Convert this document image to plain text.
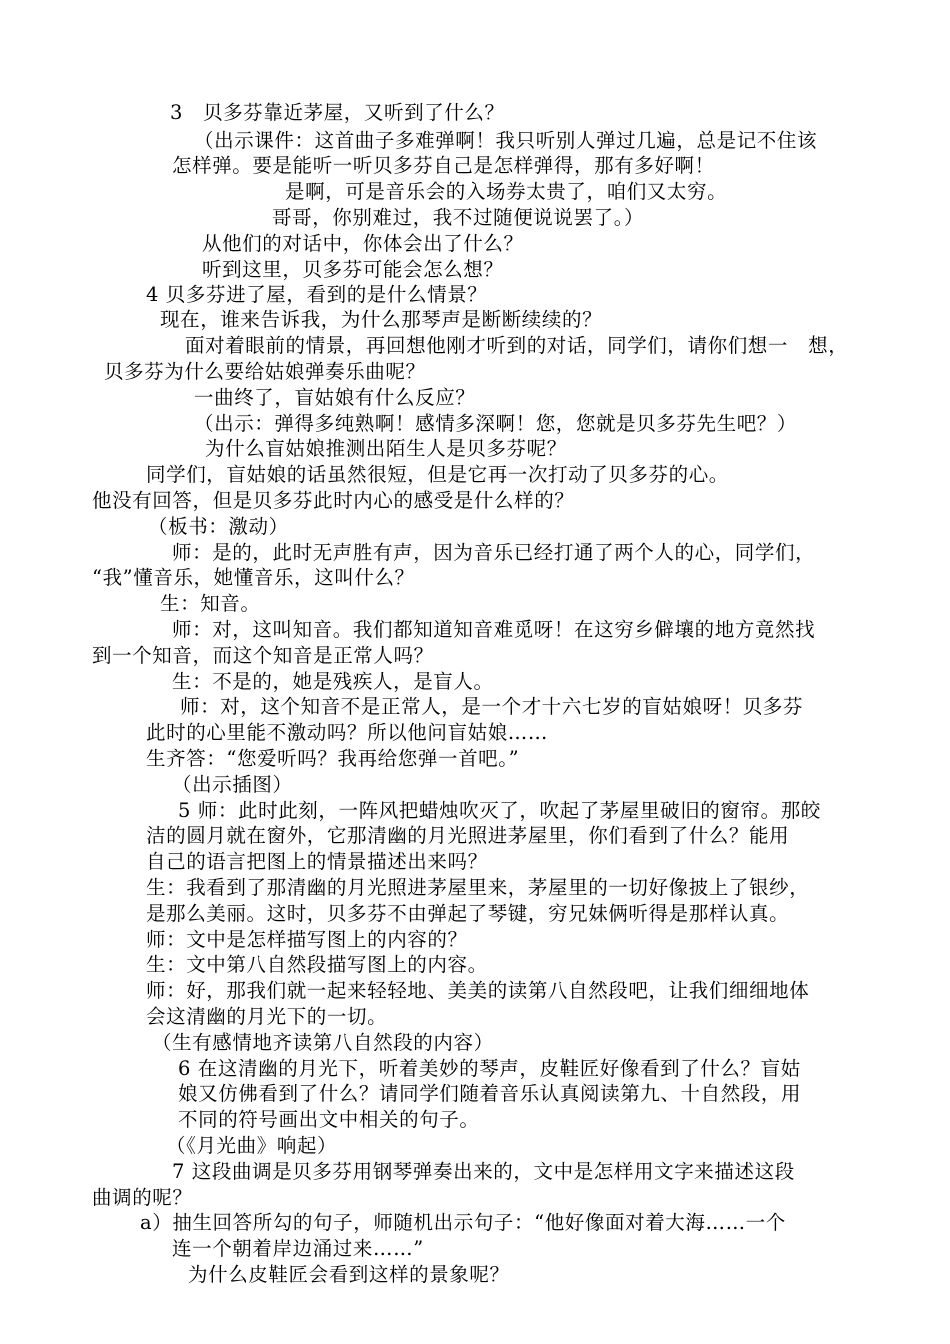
3　贝多芬靠近茅屋，又听到了什么？
（出示课件：这首曲子多难弹啊！我只听别人弹过几遍，总是记不住该
怎样弹。要是能听一听贝多芬自己是怎样弹得，那有多好啊！
是啊，可是音乐会的入场券太贵了，咱们又太穷。
哥哥，你别难过，我不过随便说说罢了。）
从他们的对话中，你体会出了什么？
听到这里，贝多芬可能会怎么想？
4 贝多芬进了屋，看到的是什么情景？
现在，谁来告诉我，为什么那琴声是断断续续的？
面对着眼前的情景，再回想他刚才听到的对话，同学们，请你们想一　想，
贝多芬为什么要给姑娘弹奏乐曲呢？
一曲终了，盲姑娘有什么反应？
（出示：弹得多纯熟啊！感情多深啊！您，您就是贝多芬先生吧？）
为什么盲姑娘推测出陌生人是贝多芬呢？
同学们，盲姑娘的话虽然很短，但是它再一次打动了贝多芬的心。
他没有回答，但是贝多芬此时内心的感受是什么样的？
（板书：激动）
师：是的，此时无声胜有声，因为音乐已经打通了两个人的心，同学们，
“我”懂音乐，她懂音乐，这叫什么？
生：知音。
师：对，这叫知音。我们都知道知音难觅呀！在这穷乡僻壤的地方竟然找
到一个知音，而这个知音是正常人吗？
生：不是的，她是残疾人，是盲人。
师：对，这个知音不是正常人，是一个才十六七岁的盲姑娘呀！贝多芬
此时的心里能不激动吗？所以他问盲姑娘……
生齐答：“您爱听吗？我再给您弹一首吧。”
（出示插图）
5 师：此时此刻，一阵风把蜡烛吹灭了，吹起了茅屋里破旧的窗帘。那皎
洁的圆月就在窗外，它那清幽的月光照进茅屋里，你们看到了什么？能用
自己的语言把图上的情景描述出来吗？
生：我看到了那清幽的月光照进茅屋里来，茅屋里的一切好像披上了银纱，
是那么美丽。这时，贝多芬不由弹起了琴键，穷兄妹俩听得是那样认真。
师：文中是怎样描写图上的内容的？
生：文中第八自然段描写图上的内容。
师：好，那我们就一起来轻轻地、美美的读第八自然段吧，让我们细细地体
会这清幽的月光下的一切。
（生有感情地齐读第八自然段的内容）
6 在这清幽的月光下，听着美妙的琴声，皮鞋匠好像看到了什么？盲姑
娘又仿佛看到了什么？请同学们随着音乐认真阅读第九、十自然段，用
不同的符号画出文中相关的句子。
（《月光曲》响起）
7 这段曲调是贝多芬用钢琴弹奏出来的，文中是怎样用文字来描述这段
曲调的呢？
a）抽生回答所勾的句子，师随机出示句子：“他好像面对着大海……一个
连一个朝着岸边涌过来……”
为什么皮鞋匠会看到这样的景象呢？
